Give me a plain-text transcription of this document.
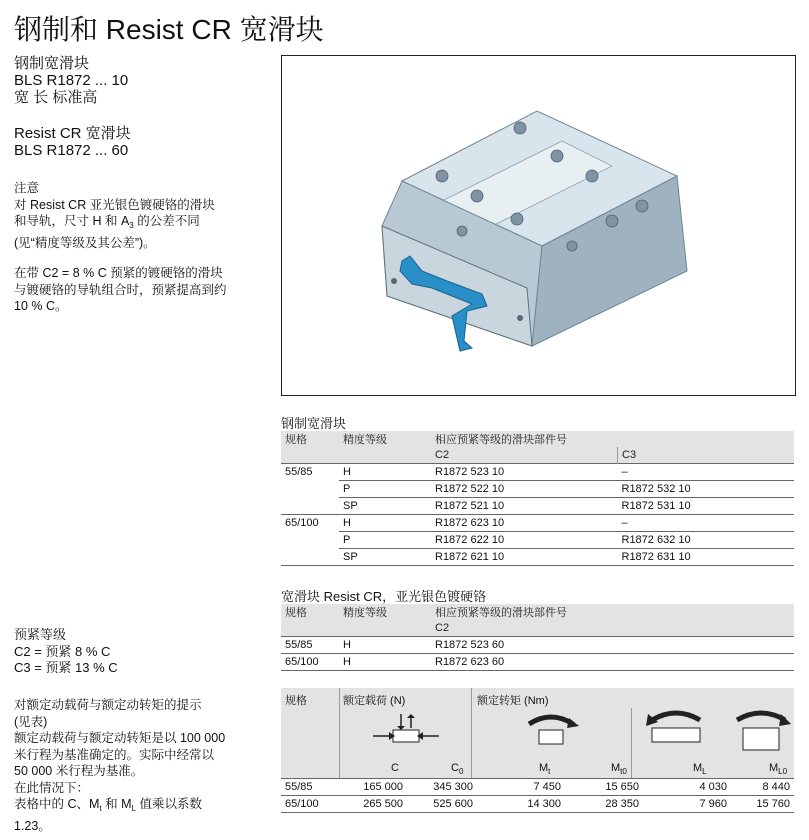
钢制和 Resist CR 宽滑块
钢制宽滑块
BLS R1872 ... 10
宽 长 标准高
Resist CR 宽滑块
BLS R1872 ... 60
注意
对 Resist CR 亚光银色镀硬铬的滑块
和导轨，尺寸 H 和 $A_3$ 的公差不同
(见“精度等级及其公差”)。
在带 C2 = 8 % C 预紧的镀硬铬的滑块
与镀硬铬的导轨组合时，预紧提高到约
10 % C。
预紧等级
C2 = 预紧 8 % C
C3 = 预紧 13 % C
对额定动载荷与额定动转矩的提示
(见表)
额定动载荷与额定动转矩是以 100 000
米行程为基准确定的。实际中经常以
50 000 米行程为基准。
在此情况下：
表格中的 C、$M_t$ 和 $M_L$ 值乘以系数
1.23。
钢制宽滑块
规格	精度等级	相应预紧等级的滑块部件号	
		C2	C3
55/85	H	R1872 523 10	–
	P	R1872 522 10	R1872 532 10
	SP	R1872 521 10	R1872 531 10
65/100	H	R1872 623 10	–
	P	R1872 622 10	R1872 632 10
	SP	R1872 621 10	R1872 631 10
宽滑块 Resist CR，亚光银色镀硬铬
规格	精度等级	相应预紧等级的滑块部件号
		C2
55/85	H	R1872 523 60
65/100	H	R1872 623 60
规格	额定载荷 (N)	额定转矩 (Nm)
C	$C_0$	$M_t$	$M_{t0}$	$M_L$	$M_{L0}$
55/85	165 000	345 300	7 450	15 650	4 030	8 440
65/100	265 500	525 600	14 300	28 350	7 960	15 760
